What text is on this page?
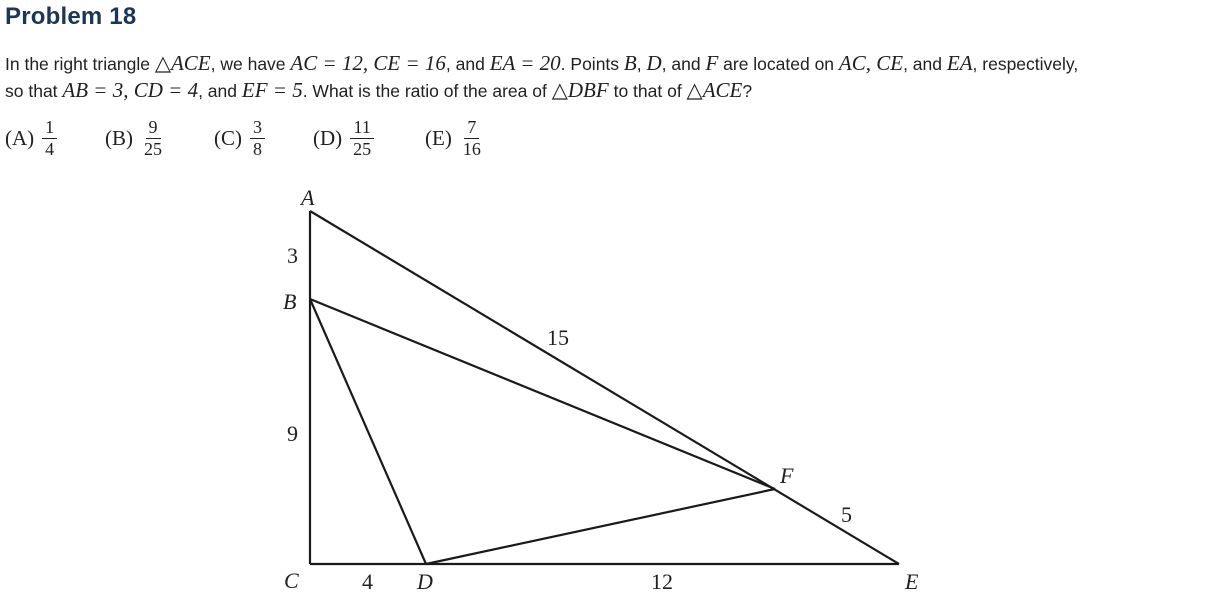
Problem 18
In the right triangle △ACE, we have AC = 12, CE = 16, and EA = 20. Points B, D, and F are located on AC, CE, and EA, respectively,
so that AB = 3, CD = 4, and EF = 5. What is the ratio of the area of △DBF to that of △ACE?
$(A) \frac{1}{4} (B) \frac{9}{25} (C) \frac{3}{8} (D) \frac{11}{25} (E) \frac{7}{16}$
A
B
C	D	E
F
3
9
15
5
4	12
